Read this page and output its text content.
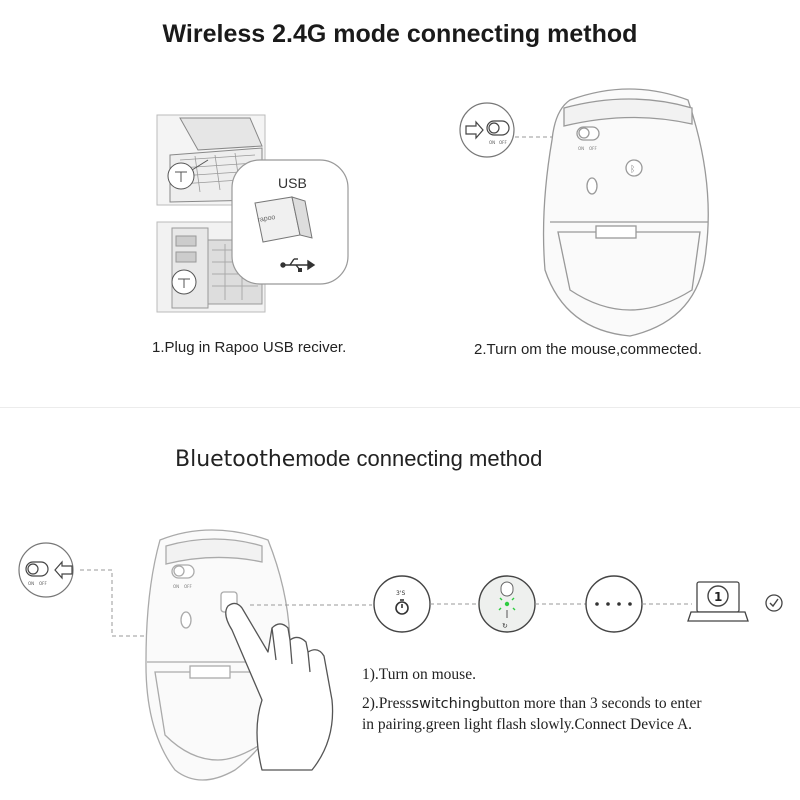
Wireless 2.4G mode connecting method
USB
rapoo
ON OFF
ON OFF
ᛒ
1.Plug in Rapoo USB reciver.	2.Turn om the mouse,commected.
Bluetoothemode connecting method
ON OFF
ON OFF
3'S
↻
1
1).Turn on mouse.
2).Pressswitchingbutton more than 3 seconds to enter
in pairing.green light flash slowly.Connect Device A.
